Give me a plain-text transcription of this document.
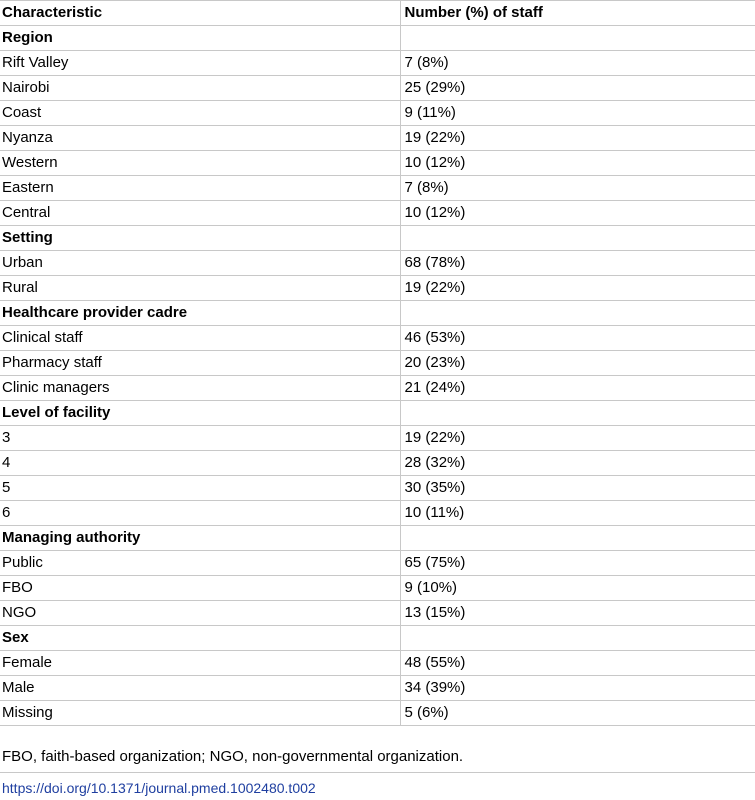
Characteristic	Number (%) of staff
Region	
Rift Valley	7 (8%)
Nairobi	25 (29%)
Coast	9 (11%)
Nyanza	19 (22%)
Western	10 (12%)
Eastern	7 (8%)
Central	10 (12%)
Setting	
Urban	68 (78%)
Rural	19 (22%)
Healthcare provider cadre	
Clinical staff	46 (53%)
Pharmacy staff	20 (23%)
Clinic managers	21 (24%)
Level of facility	
3	19 (22%)
4	28 (32%)
5	30 (35%)
6	10 (11%)
Managing authority	
Public	65 (75%)
FBO	9 (10%)
NGO	13 (15%)
Sex	
Female	48 (55%)
Male	34 (39%)
Missing	5 (6%)
FBO, faith-based organization; NGO, non-governmental organization.
https://doi.org/10.1371/journal.pmed.1002480.t002
